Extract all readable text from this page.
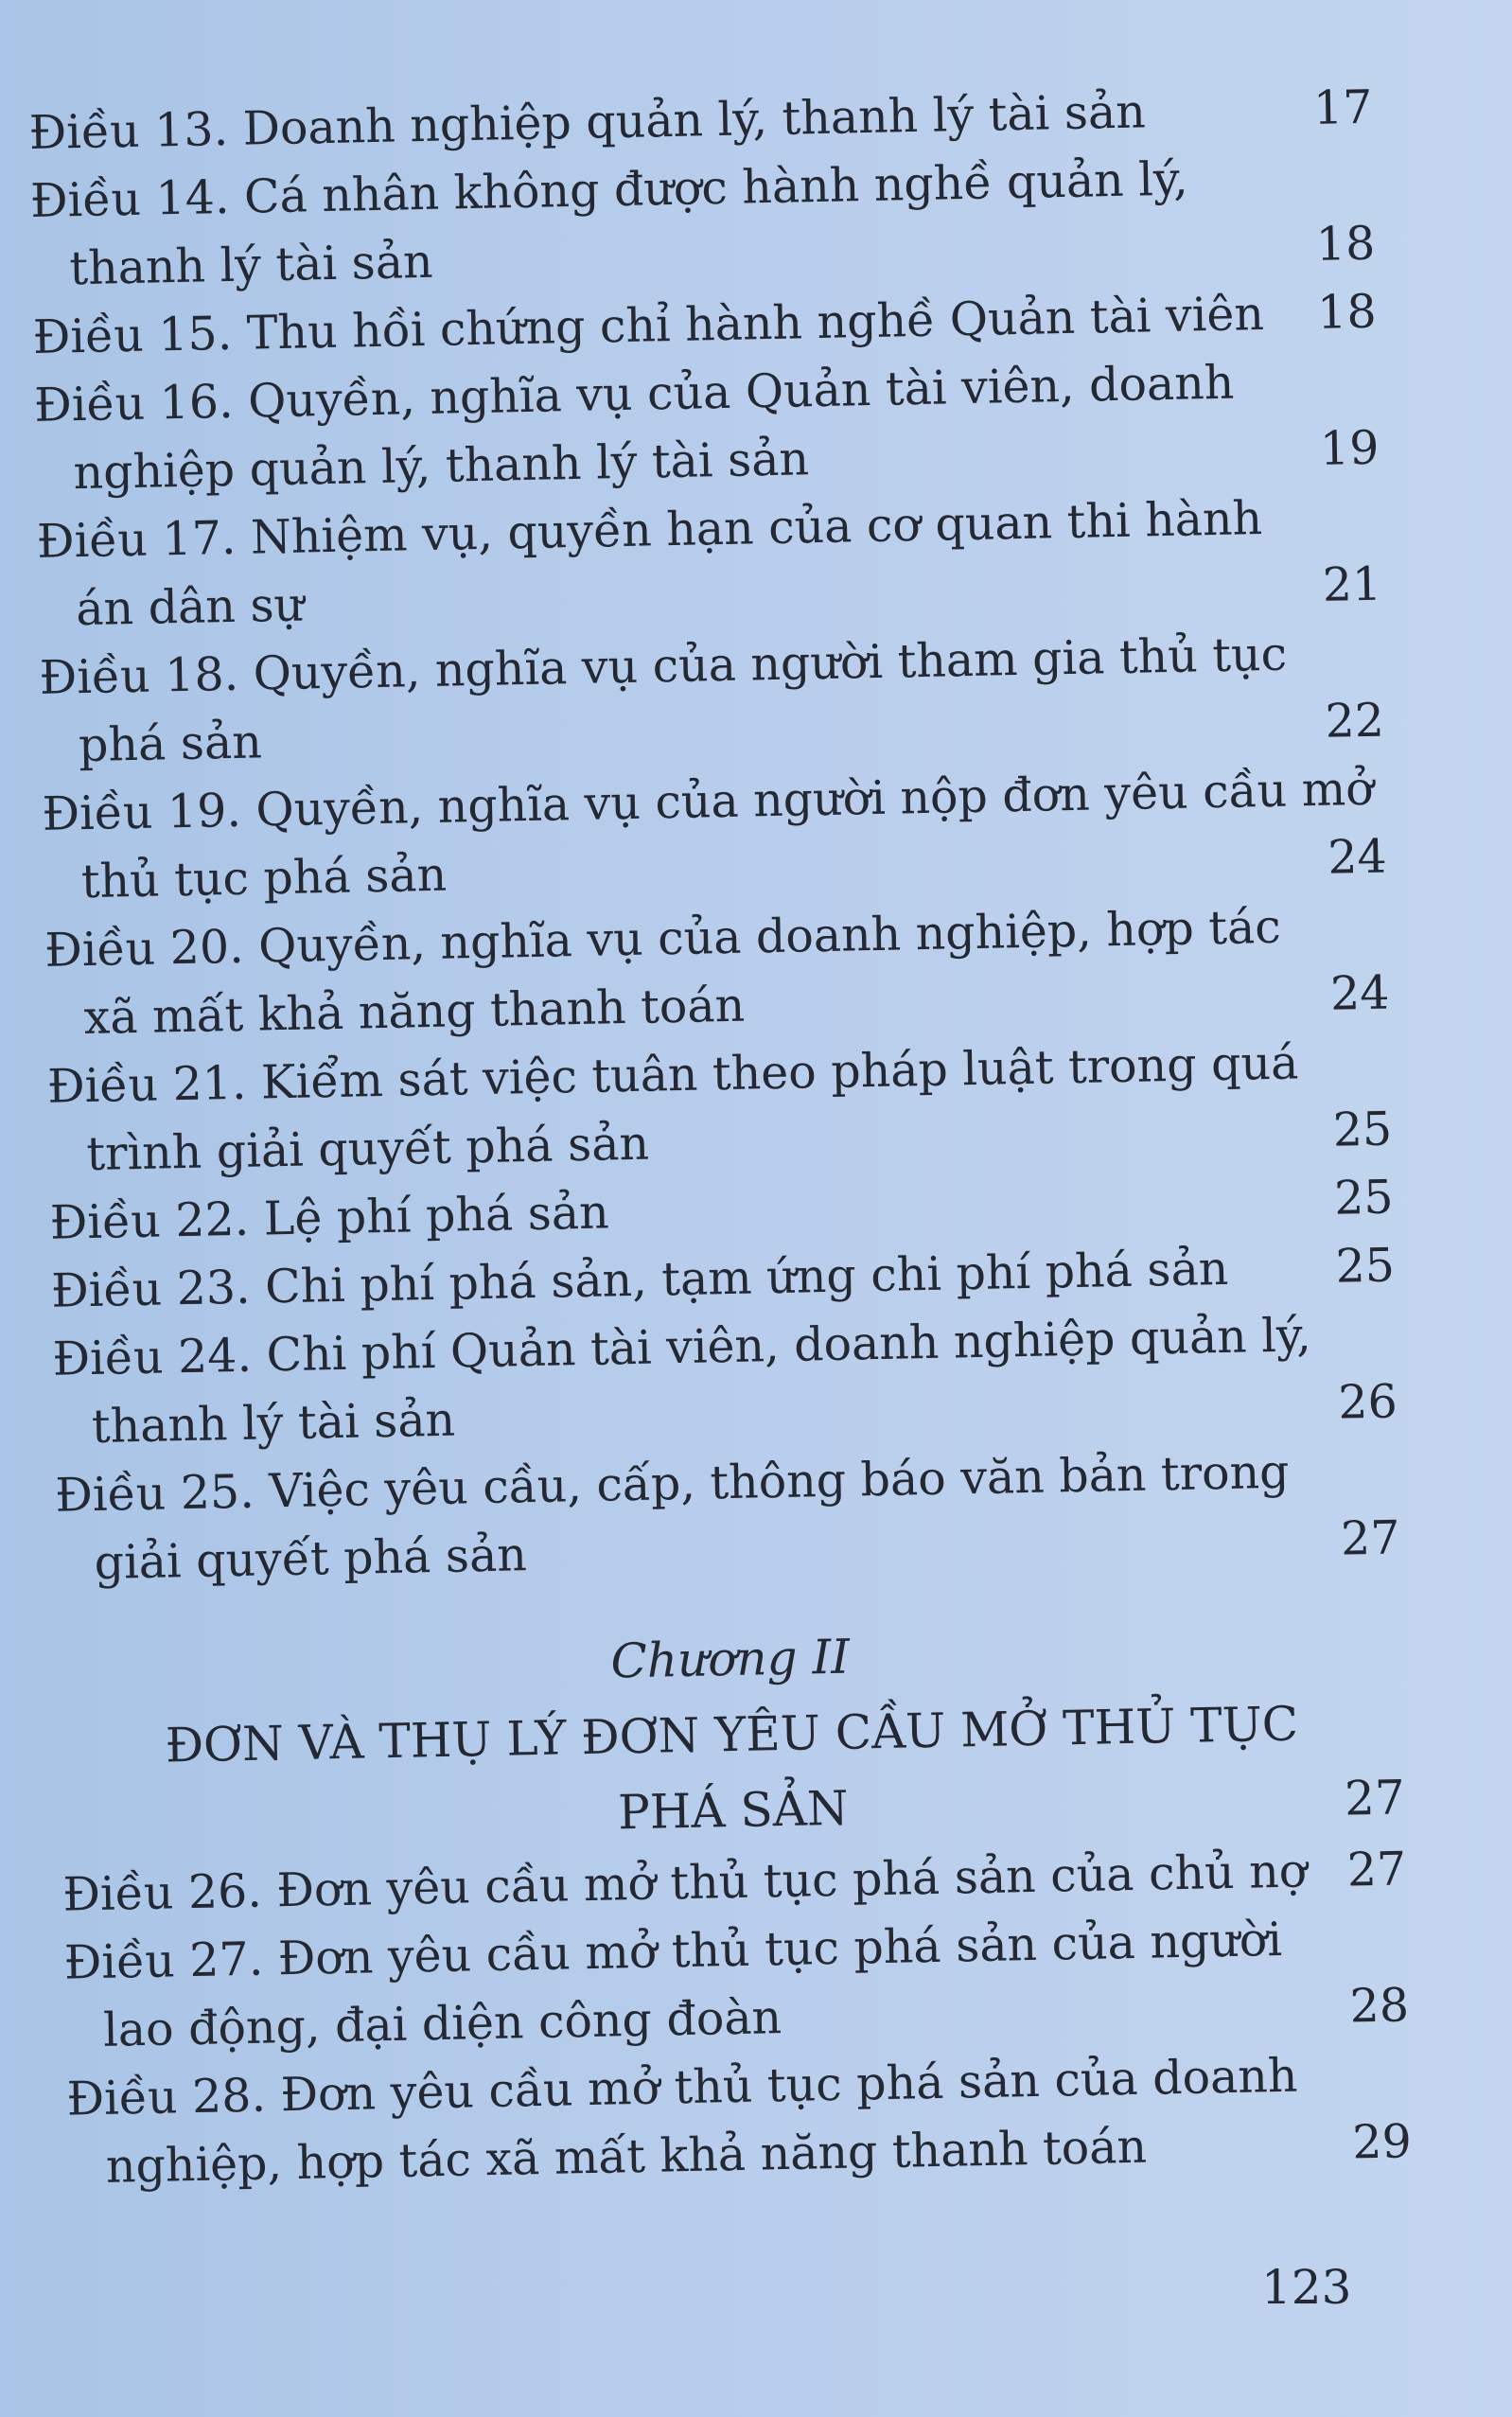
Điều 13. Doanh nghiệp quản lý, thanh lý tài sản	17
Điều 14. Cá nhân không được hành nghề quản lý,
thanh lý tài sản	18
Điều 15. Thu hồi chứng chỉ hành nghề Quản tài viên	18
Điều 16. Quyền, nghĩa vụ của Quản tài viên, doanh
nghiệp quản lý, thanh lý tài sản	19
Điều 17. Nhiệm vụ, quyền hạn của cơ quan thi hành
án dân sự	21
Điều 18. Quyền, nghĩa vụ của người tham gia thủ tục
phá sản	22
Điều 19. Quyền, nghĩa vụ của người nộp đơn yêu cầu mở
thủ tục phá sản	24
Điều 20. Quyền, nghĩa vụ của doanh nghiệp, hợp tác
xã mất khả năng thanh toán	24
Điều 21. Kiểm sát việc tuân theo pháp luật trong quá
trình giải quyết phá sản	25
Điều 22. Lệ phí phá sản	25
Điều 23. Chi phí phá sản, tạm ứng chi phí phá sản	25
Điều 24. Chi phí Quản tài viên, doanh nghiệp quản lý,
thanh lý tài sản	26
Điều 25. Việc yêu cầu, cấp, thông báo văn bản trong
giải quyết phá sản	27
Chương II
ĐƠN VÀ THỤ LÝ ĐƠN YÊU CẦU MỞ THỦ TỤC
PHÁ SẢN	27
Điều 26. Đơn yêu cầu mở thủ tục phá sản của chủ nợ 27
Điều 27. Đơn yêu cầu mở thủ tục phá sản của người
lao động, đại diện công đoàn	28
Điều 28. Đơn yêu cầu mở thủ tục phá sản của doanh
nghiệp, hợp tác xã mất khả năng thanh toán	29
123
